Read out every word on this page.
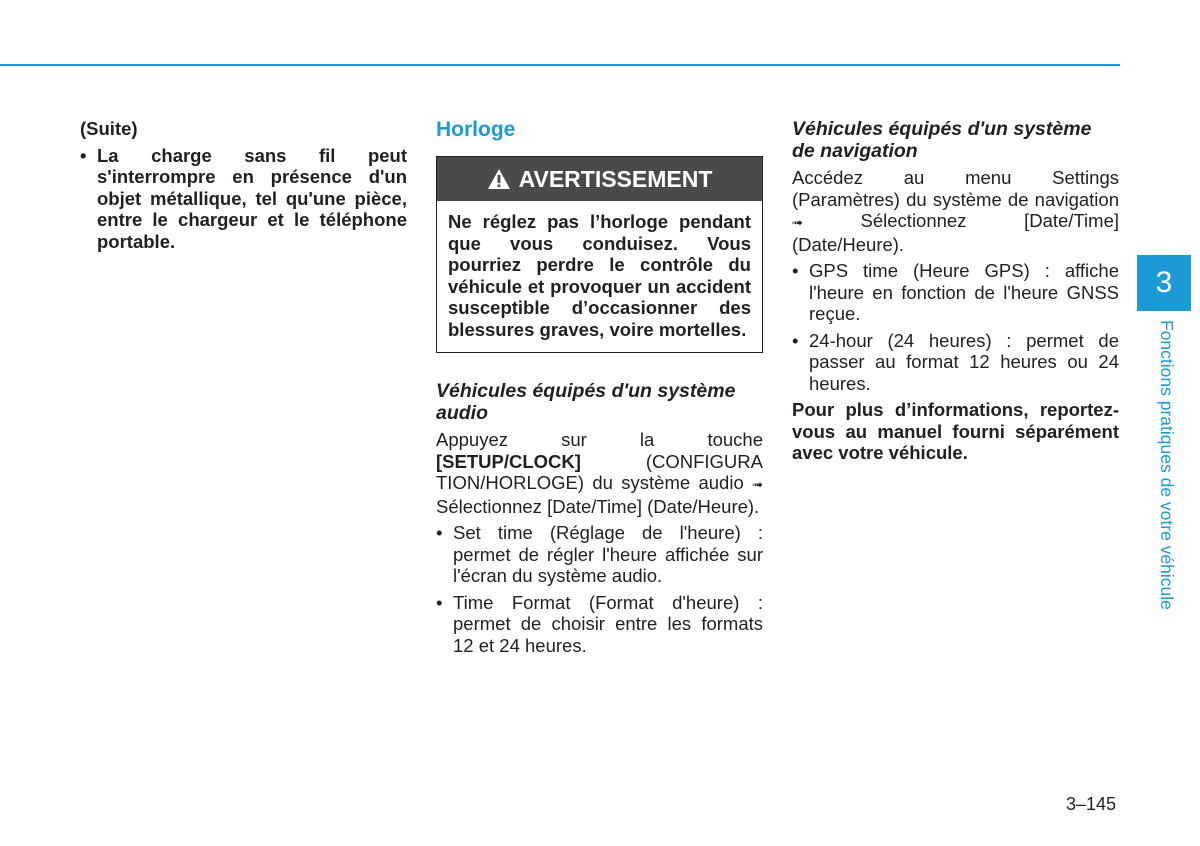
(Suite)

• La charge sans fil peut s'interrompre en présence d'un objet métallique, tel qu'une pièce, entre le chargeur et le téléphone portable.

Horloge
AVERTISSEMENT

Ne réglez pas l’horloge pendant que vous conduisez. Vous pourriez perdre le contrôle du véhicule et provoquer un accident susceptible d’occasionner des blessures graves, voire mortelles.

Véhicules équipés d'un système audio

Appuyez sur la touche [SETUP/CLOCK] (CONFIGURA TION/HORLOGE) du système audio ➟ Sélectionnez [Date/Time] (Date/Heure).

• Set time (Réglage de l'heure) : permet de régler l'heure affichée sur l'écran du système audio.

• Time Format (Format d'heure) : permet de choisir entre les formats 12 et 24 heures.

Véhicules équipés d'un système de navigation

Accédez au menu Settings (Paramètres) du système de navigation ➟ Sélectionnez [Date/Time] (Date/Heure).

• GPS time (Heure GPS) : affiche l'heure en fonction de l'heure GNSS reçue.

• 24-hour (24 heures) : permet de passer au format 12 heures ou 24 heures.

Pour plus d’informations, reportez-vous au manuel fourni séparément avec votre véhicule.

3
Fonctions pratiques de votre véhicule
3–145
